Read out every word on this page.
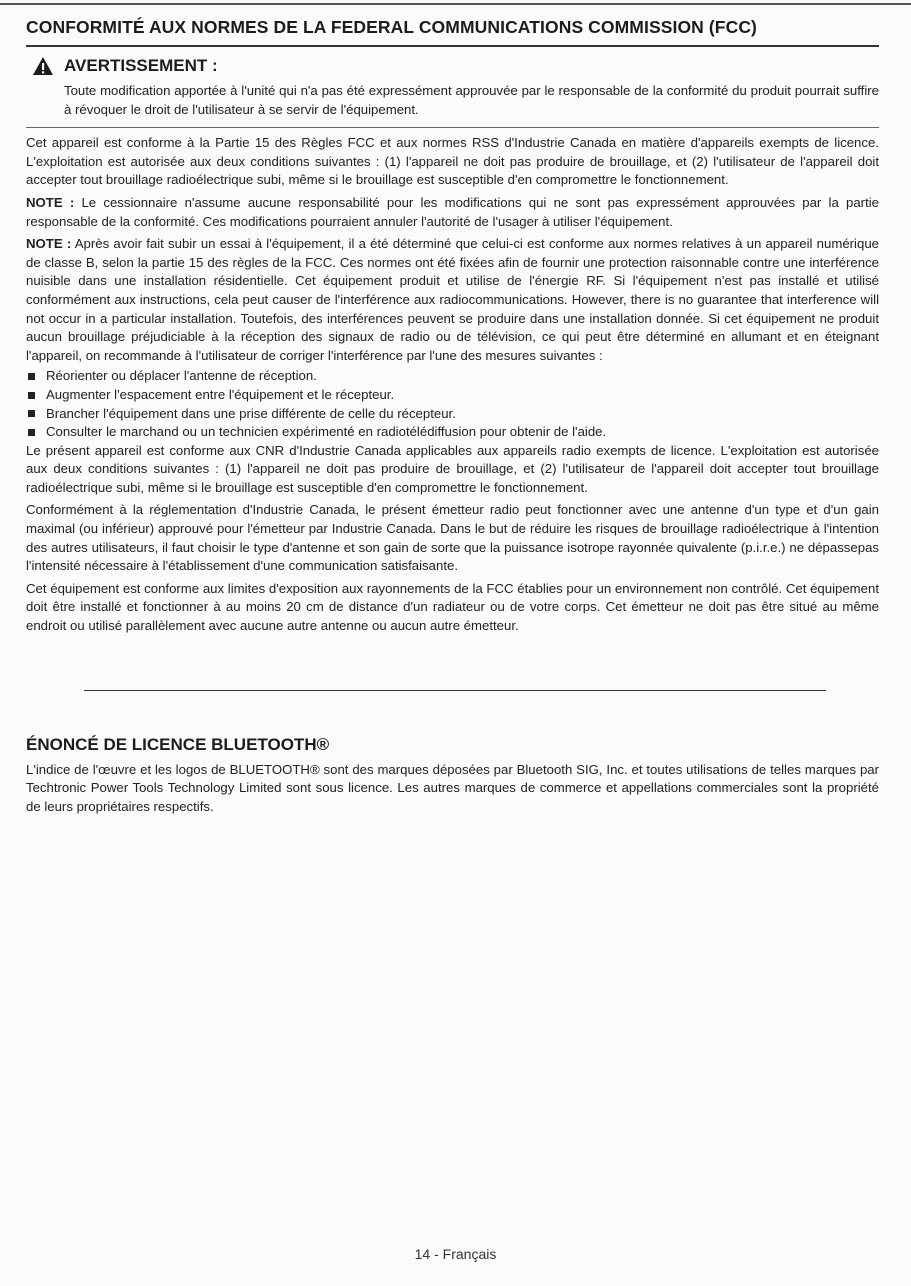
CONFORMITÉ AUX NORMES DE LA FEDERAL COMMUNICATIONS COMMISSION (FCC)
AVERTISSEMENT :

Toute modification apportée à l'unité qui n'a pas été expressément approuvée par le responsable de la conformité du produit pourrait suffire à révoquer le droit de l'utilisateur à se servir de l'équipement.

Cet appareil est conforme à la Partie 15 des Règles FCC et aux normes RSS d'Industrie Canada en matière d'appareils exempts de licence. L'exploitation est autorisée aux deux conditions suivantes : (1) l'appareil ne doit pas produire de brouillage, et (2) l'utilisateur de l'appareil doit accepter tout brouillage radioélectrique subi, même si le brouillage est susceptible d'en compromettre le fonctionnement.

NOTE : Le cessionnaire n'assume aucune responsabilité pour les modifications qui ne sont pas expressément approuvées par la partie responsable de la conformité. Ces modifications pourraient annuler l'autorité de l'usager à utiliser l'équipement.

NOTE : Après avoir fait subir un essai à l'équipement, il a été déterminé que celui-ci est conforme aux normes relatives à un appareil numérique de classe B, selon la partie 15 des règles de la FCC. Ces normes ont été fixées afin de fournir une protection raisonnable contre une interférence nuisible dans une installation résidentielle. Cet équipement produit et utilise de l'énergie RF. Si l'équipement n'est pas installé et utilisé conformément aux instructions, cela peut causer de l'interférence aux radiocommunications. However, there is no guarantee that interference will not occur in a particular installation. Toutefois, des interférences peuvent se produire dans une installation donnée. Si cet équipement ne produit aucun brouillage préjudiciable à la réception des signaux de radio ou de télévision, ce qui peut être déterminé en allumant et en éteignant l'appareil, on recommande à l'utilisateur de corriger l'interférence par l'une des mesures suivantes :

Réorienter ou déplacer l'antenne de réception.
Augmenter l'espacement entre l'équipement et le récepteur.
Brancher l'équipement dans une prise différente de celle du récepteur.
Consulter le marchand ou un technicien expérimenté en radiotélédiffusion pour obtenir de l'aide.

Le présent appareil est conforme aux CNR d'Industrie Canada applicables aux appareils radio exempts de licence. L'exploitation est autorisée aux deux conditions suivantes : (1) l'appareil ne doit pas produire de brouillage, et (2) l'utilisateur de l'appareil doit accepter tout brouillage radioélectrique subi, même si le brouillage est susceptible d'en compromettre le fonctionnement.

Conformément à la réglementation d'Industrie Canada, le présent émetteur radio peut fonctionner avec une antenne d'un type et d'un gain maximal (ou inférieur) approuvé pour l'émetteur par Industrie Canada. Dans le but de réduire les risques de brouillage radioélectrique à l'intention des autres utilisateurs, il faut choisir le type d'antenne et son gain de sorte que la puissance isotrope rayonnée quivalente (p.i.r.e.) ne dépassepas l'intensité nécessaire à l'établissement d'une communication satisfaisante.

Cet équipement est conforme aux limites d'exposition aux rayonnements de la FCC établies pour un environnement non contrôlé. Cet équipement doit être installé et fonctionner à au moins 20 cm de distance d'un radiateur ou de votre corps. Cet émetteur ne doit pas être situé au même endroit ou utilisé parallèlement avec aucune autre antenne ou aucun autre émetteur.

ÉNONCÉ DE LICENCE BLUETOOTH®

L'indice de l'œuvre et les logos de BLUETOOTH® sont des marques déposées par Bluetooth SIG, Inc. et toutes utilisations de telles marques par Techtronic Power Tools Technology Limited sont sous licence. Les autres marques de commerce et appellations commerciales sont la propriété de leurs propriétaires respectifs.

14 - Français
